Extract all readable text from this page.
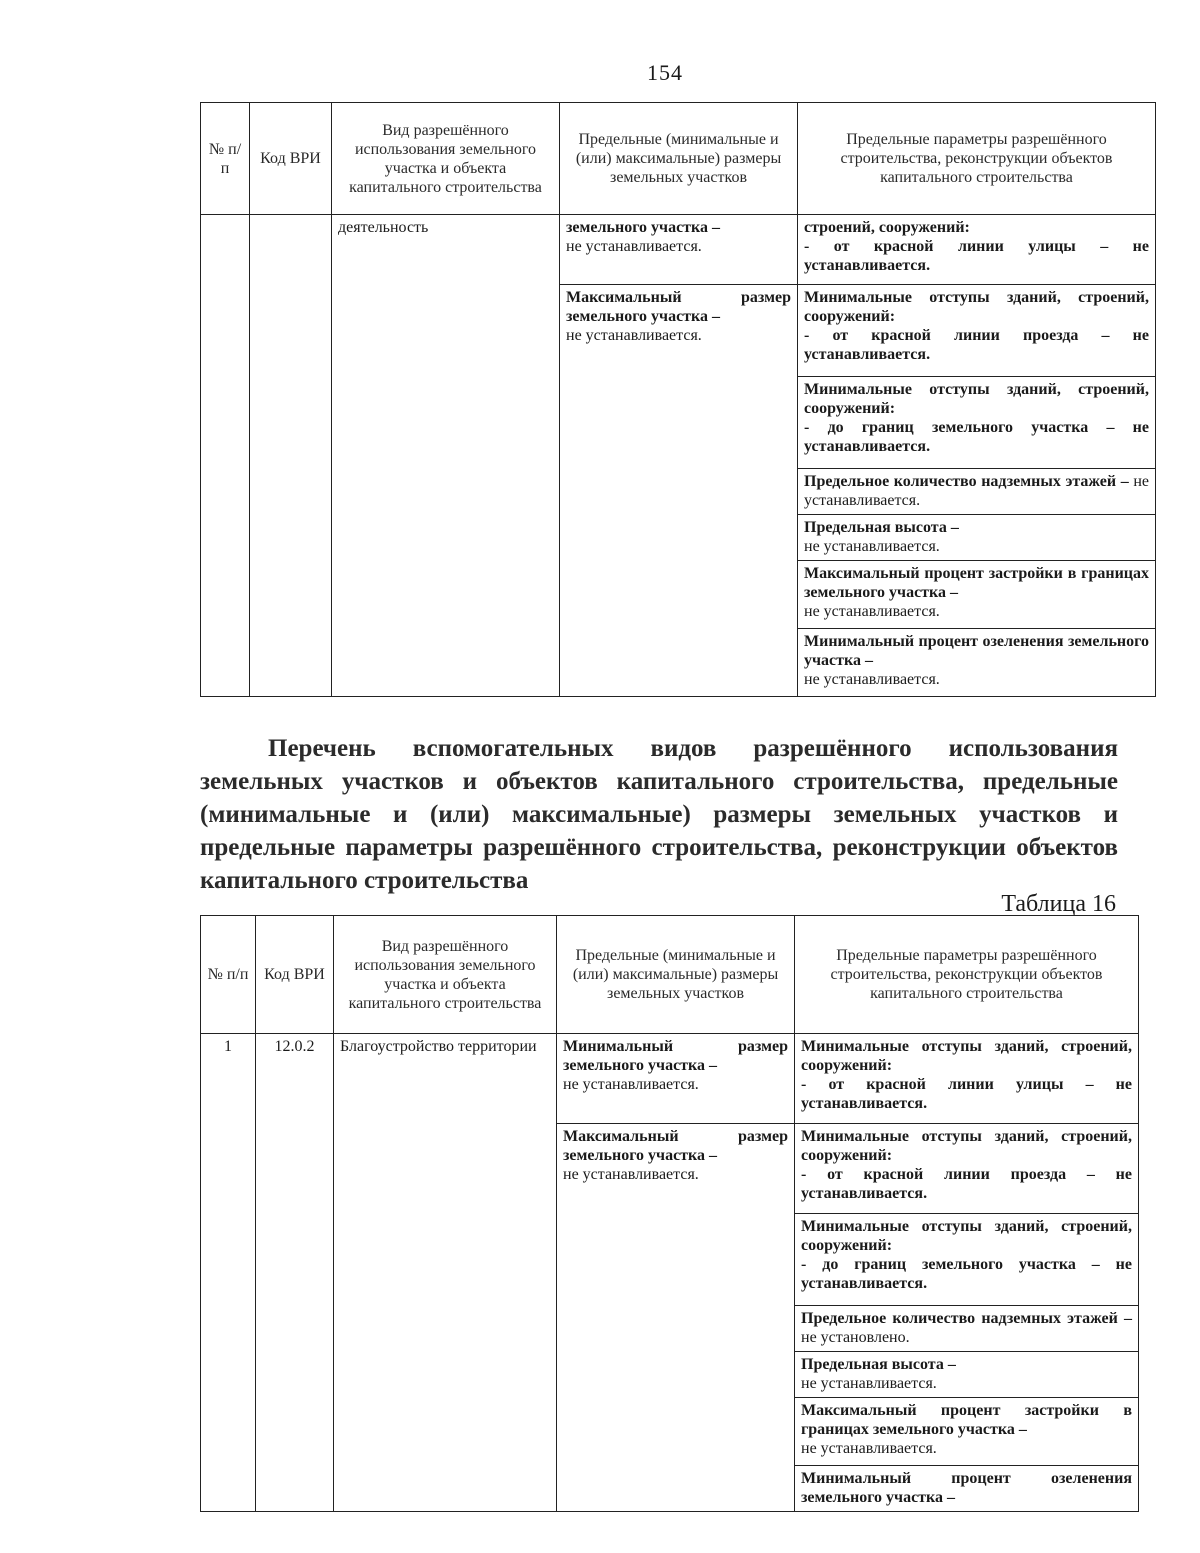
154
№ п/п	Код ВРИ	Вид разрешённого использования земельного участка и объекта капитального строительства	Предельные (минимальные и (или) максимальные) размеры земельных участков	Предельные параметры разрешённого строительства, реконструкции объектов капитального строительства
		деятельность	земельного участка –
не устанавливается.	строений, сооружений:
- от красной линии улицы – не устанавливается.
			Максимальный размер земельного участка –
не устанавливается.	Минимальные отступы зданий, строений, сооружений:
- от красной линии проезда – не устанавливается.
				Минимальные отступы зданий, строений, сооружений:
- до границ земельного участка – не устанавливается.
				Предельное количество надземных этажей – не устанавливается.
				Предельная высота –
не устанавливается.
				Максимальный процент застройки в границах земельного участка –
не устанавливается.
				Минимальный процент озеленения земельного участка –
не устанавливается.
Перечень вспомогательных видов разрешённого использования земельных участков и объектов капитального строительства, предельные (минимальные и (или) максимальные) размеры земельных участков и предельные параметры разрешённого строительства, реконструкции объектов капитального строительства
Таблица 16
№ п/п	Код ВРИ	Вид разрешённого использования земельного участка и объекта капитального строительства	Предельные (минимальные и (или) максимальные) размеры земельных участков	Предельные параметры разрешённого строительства, реконструкции объектов капитального строительства
1	12.0.2	Благоустройство территории	Минимальный размер земельного участка –
не устанавливается.	Минимальные отступы зданий, строений, сооружений:
- от красной линии улицы – не устанавливается.
			Максимальный размер земельного участка –
не устанавливается.	Минимальные отступы зданий, строений, сооружений:
- от красной линии проезда – не устанавливается.
				Минимальные отступы зданий, строений, сооружений:
- до границ земельного участка – не устанавливается.
				Предельное количество надземных этажей – не установлено.
				Предельная высота –
не устанавливается.
				Максимальный процент застройки в границах земельного участка –
не устанавливается.
				Минимальный процент озеленения земельного участка –
